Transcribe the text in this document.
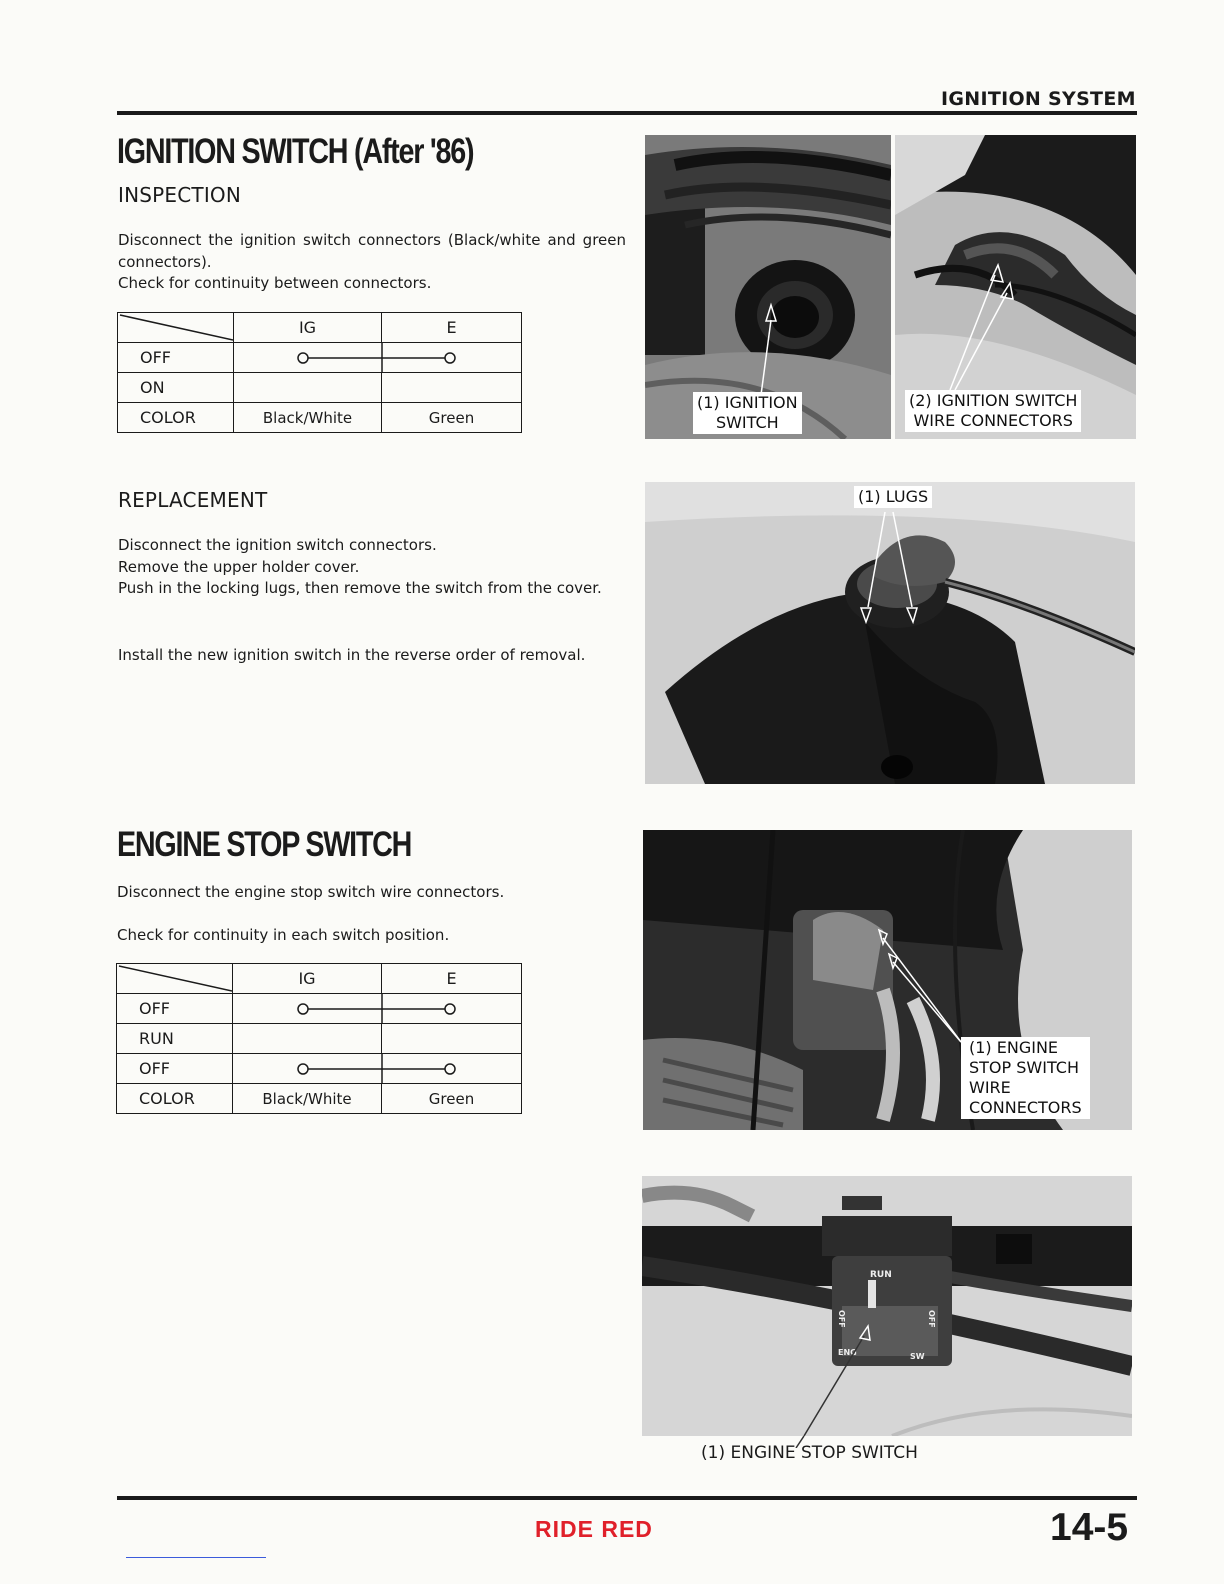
IGNITION SYSTEM
IGNITION SWITCH (After '86)
INSPECTION

Disconnect the ignition switch connectors (Black/white and green connectors).

Check for continuity between connectors.

	IG	E
OFF	

ON		
COLOR	Black/White	Green
REPLACEMENT

Disconnect the ignition switch connectors.

Remove the upper holder cover.

Push in the locking lugs, then remove the switch from the cover.

Install the new ignition switch in the reverse order of removal.
ENGINE STOP SWITCH
Disconnect the engine stop switch wire connectors.
Check for continuity in each switch position.
	IG	E
OFF	

RUN		
OFF	

COLOR	Black/White	Green
(1) IGNITION
SWITCH
(2) IGNITION SWITCH
WIRE CONNECTORS
(1) LUGS
(1) ENGINE
STOP SWITCH
WIRE
CONNECTORS
RUN
OFF	OFF
ENG	SW
(1) ENGINE STOP SWITCH
RIDE RED	14-5
